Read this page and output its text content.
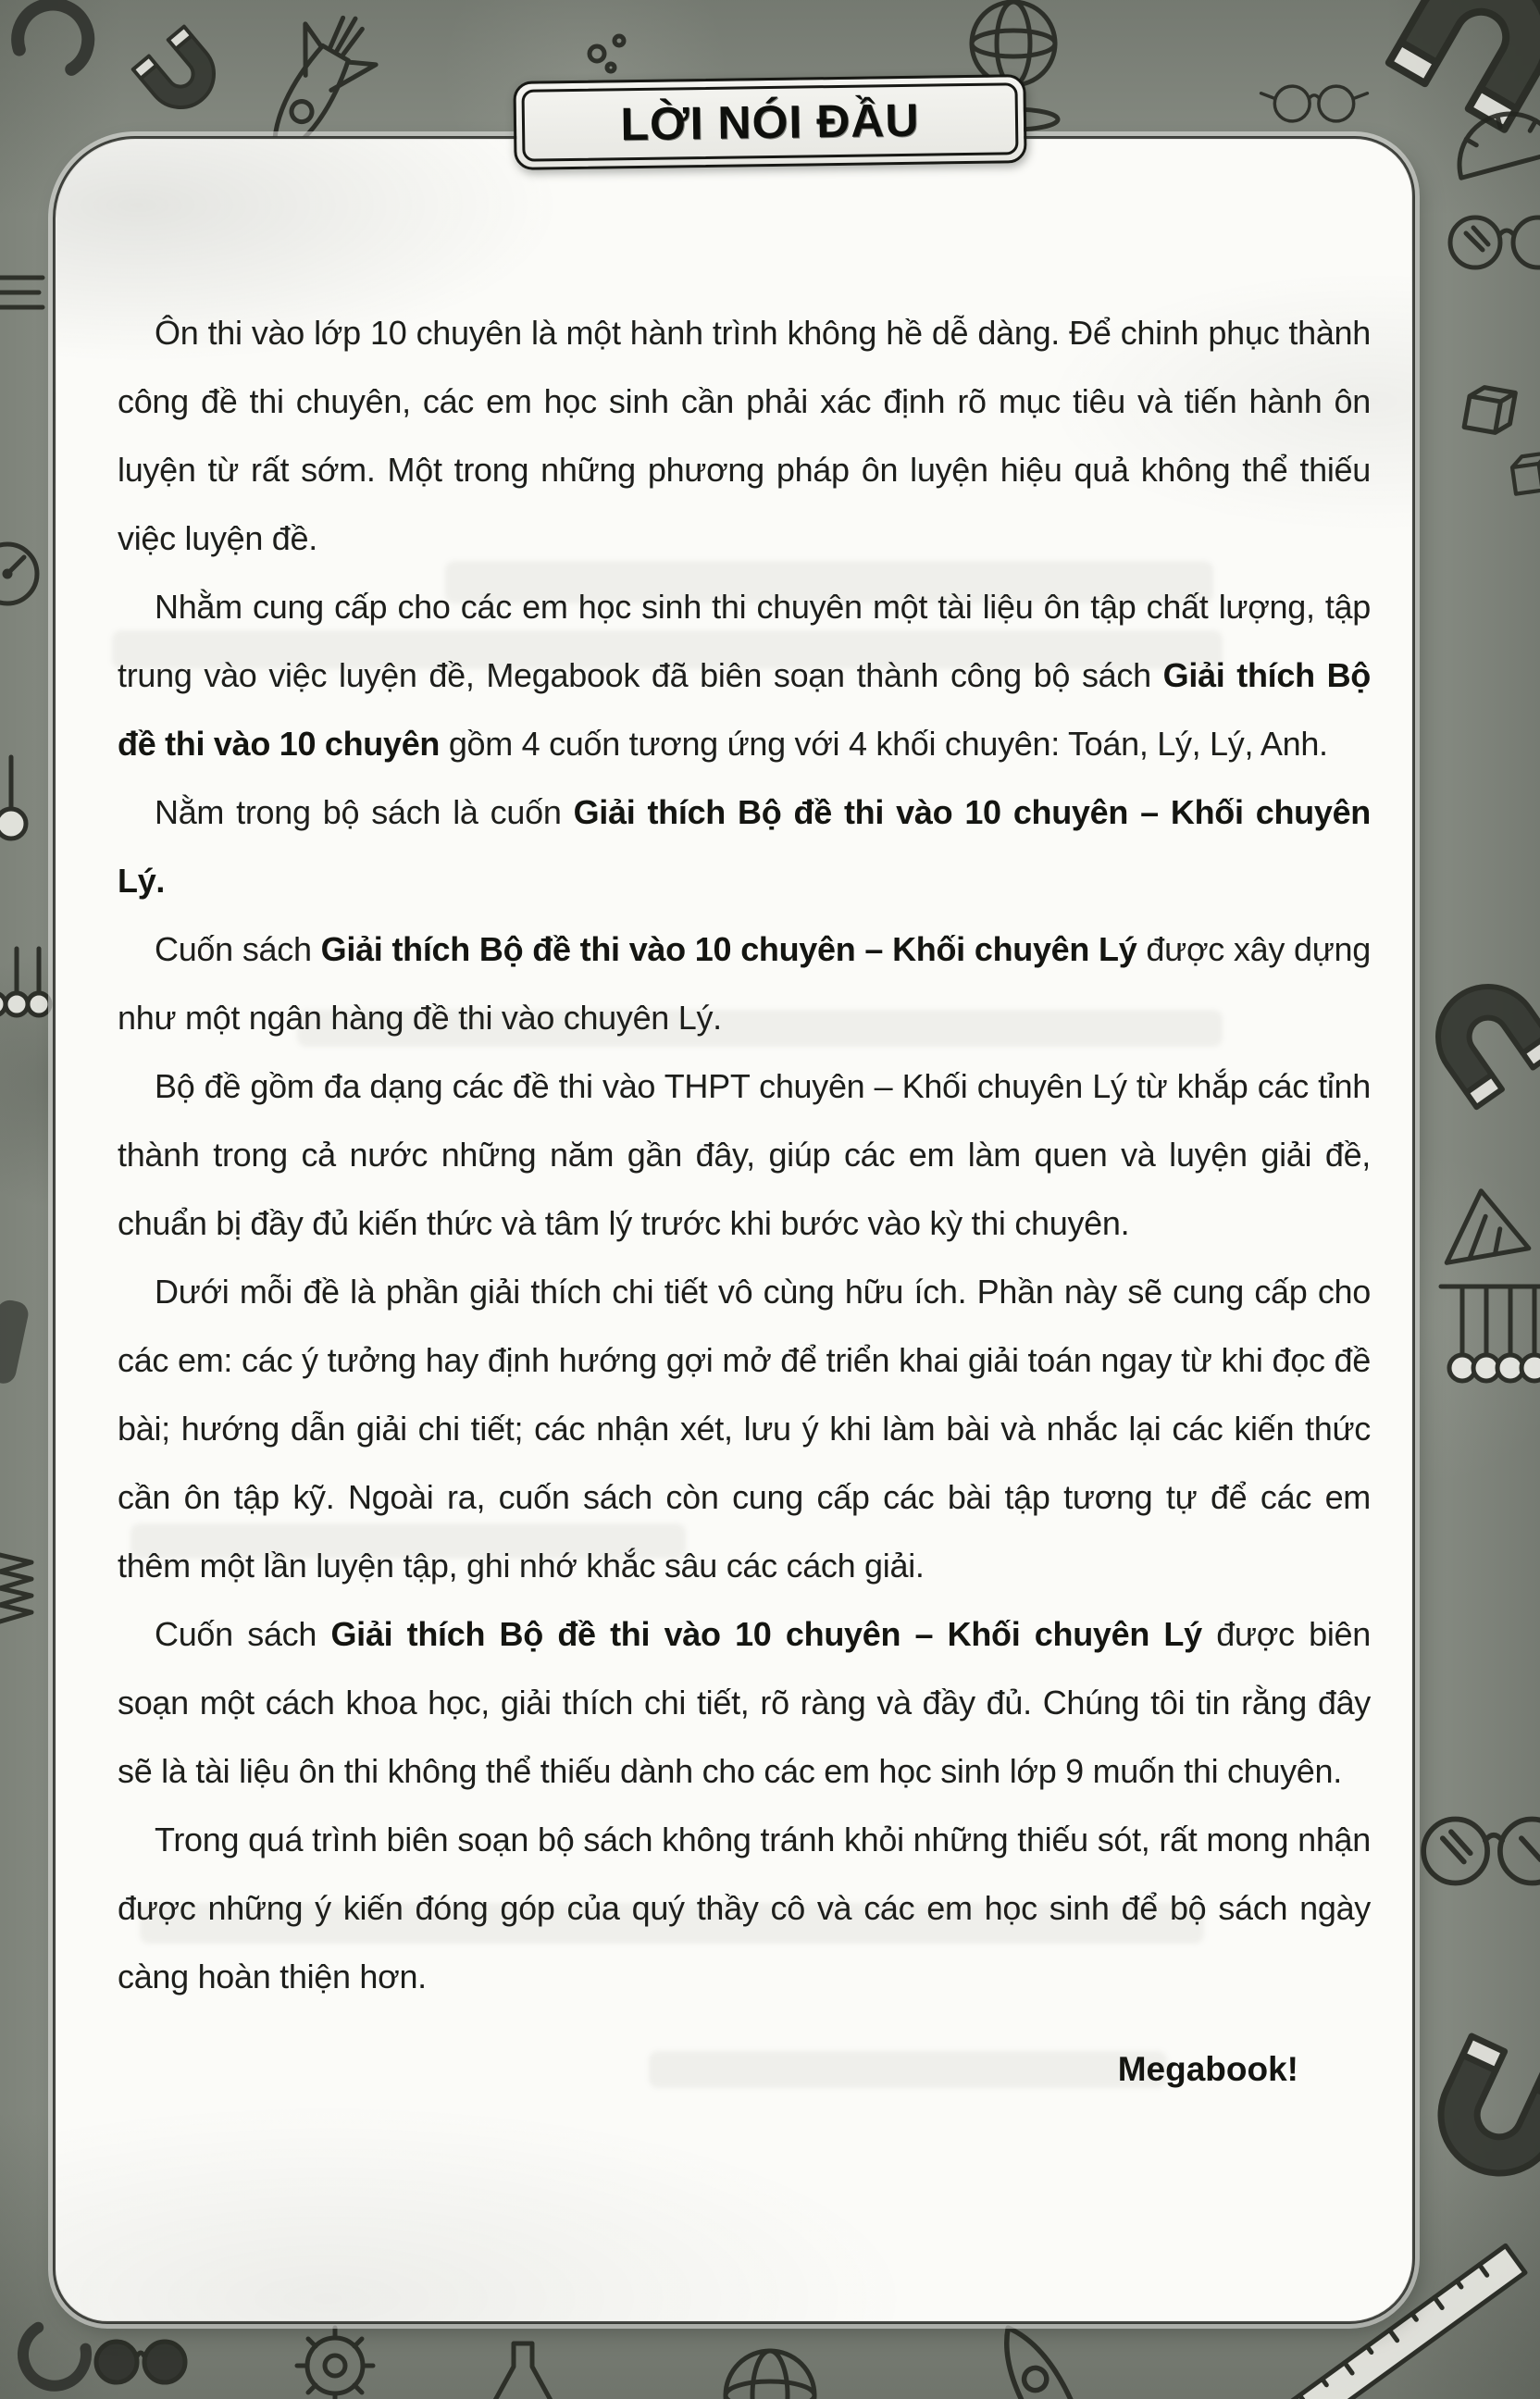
Ôn thi vào lớp 10 chuyên là một hành trình không hề dễ dàng. Để chinh phục thành công đề thi chuyên, các em học sinh cần phải xác định rõ mục tiêu và tiến hành ôn luyện từ rất sớm. Một trong những phương pháp ôn luyện hiệu quả không thể thiếu việc luyện đề.

Nhằm cung cấp cho các em học sinh thi chuyên một tài liệu ôn tập chất lượng, tập trung vào việc luyện đề, Megabook đã biên soạn thành công bộ sách Giải thích Bộ đề thi vào 10 chuyên gồm 4 cuốn tương ứng với 4 khối chuyên: Toán, Lý, Lý, Anh.

Nằm trong bộ sách là cuốn Giải thích Bộ đề thi vào 10 chuyên – Khối chuyên Lý.

Cuốn sách Giải thích Bộ đề thi vào 10 chuyên – Khối chuyên Lý được xây dựng như một ngân hàng đề thi vào chuyên Lý.

Bộ đề gồm đa dạng các đề thi vào THPT chuyên – Khối chuyên Lý từ khắp các tỉnh thành trong cả nước những năm gần đây, giúp các em làm quen và luyện giải đề, chuẩn bị đầy đủ kiến thức và tâm lý trước khi bước vào kỳ thi chuyên.

Dưới mỗi đề là phần giải thích chi tiết vô cùng hữu ích. Phần này sẽ cung cấp cho các em: các ý tưởng hay định hướng gợi mở để triển khai giải toán ngay từ khi đọc đề bài; hướng dẫn giải chi tiết; các nhận xét, lưu ý khi làm bài và nhắc lại các kiến thức cần ôn tập kỹ. Ngoài ra, cuốn sách còn cung cấp các bài tập tương tự để các em thêm một lần luyện tập, ghi nhớ khắc sâu các cách giải.

Cuốn sách Giải thích Bộ đề thi vào 10 chuyên – Khối chuyên Lý được biên soạn một cách khoa học, giải thích chi tiết, rõ ràng và đầy đủ. Chúng tôi tin rằng đây sẽ là tài liệu ôn thi không thể thiếu dành cho các em học sinh lớp 9 muốn thi chuyên.

Trong quá trình biên soạn bộ sách không tránh khỏi những thiếu sót, rất mong nhận được những ý kiến đóng góp của quý thầy cô và các em học sinh để bộ sách ngày càng hoàn thiện hơn.

Megabook!
LỜI NÓI ĐẦU
